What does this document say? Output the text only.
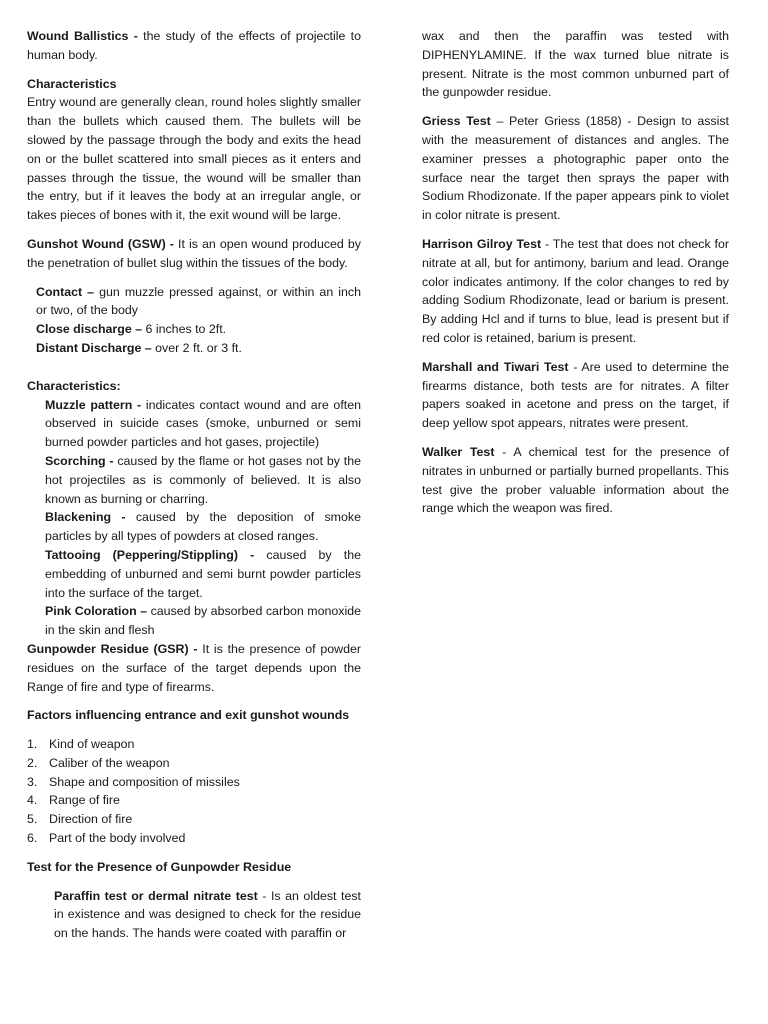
Wound Ballistics - the study of the effects of projectile to human body.

Characteristics

Entry wound are generally clean, round holes slightly smaller than the bullets which caused them. The bullets will be slowed by the passage through the body and exits the head on or the bullet scattered into small pieces as it enters and passes through the tissue, the wound will be smaller than the entry, but if it leaves the body at an irregular angle, or takes pieces of bones with it, the exit wound will be large.

Gunshot Wound (GSW) - It is an open wound produced by the penetration of bullet slug within the tissues of the body.

Contact – gun muzzle pressed against, or within an inch or two, of the body

Close discharge – 6 inches to 2ft.

Distant Discharge – over 2 ft. or 3 ft.

Characteristics:

Muzzle pattern - indicates contact wound and are often observed in suicide cases (smoke, unburned or semi burned powder particles and hot gases, projectile)

Scorching - caused by the flame or hot gases not by the hot projectiles as is commonly of believed. It is also known as burning or charring.

Blackening - caused by the deposition of smoke particles by all types of powders at closed ranges.

Tattooing (Peppering/Stippling) - caused by the embedding of unburned and semi burnt powder particles into the surface of the target.

Pink Coloration – caused by absorbed carbon monoxide in the skin and flesh

Gunpowder Residue (GSR) - It is the presence of powder residues on the surface of the target depends upon the Range of fire and type of firearms.

Factors influencing entrance and exit gunshot wounds

1. Kind of weapon
2. Caliber of the weapon
3. Shape and composition of missiles
4. Range of fire
5. Direction of fire
6. Part of the body involved

Test for the Presence of Gunpowder Residue

Paraffin test or dermal nitrate test - Is an oldest test in existence and was designed to check for the residue on the hands. The hands were coated with paraffin or

wax and then the paraffin was tested with DIPHENYLAMINE. If the wax turned blue nitrate is present. Nitrate is the most common unburned part of the gunpowder residue.

Griess Test – Peter Griess (1858) - Design to assist with the measurement of distances and angles. The examiner presses a photographic paper onto the surface near the target then sprays the paper with Sodium Rhodizonate. If the paper appears pink to violet in color nitrate is present.

Harrison Gilroy Test - The test that does not check for nitrate at all, but for antimony, barium and lead. Orange color indicates antimony. If the color changes to red by adding Sodium Rhodizonate, lead or barium is present. By adding Hcl and if turns to blue, lead is present but if red color is retained, barium is present.

Marshall and Tiwari Test - Are used to determine the firearms distance, both tests are for nitrates. A filter papers soaked in acetone and press on the target, if deep yellow spot appears, nitrates were present.

Walker Test - A chemical test for the presence of nitrates in unburned or partially burned propellants. This test give the prober valuable information about the range which the weapon was fired.
